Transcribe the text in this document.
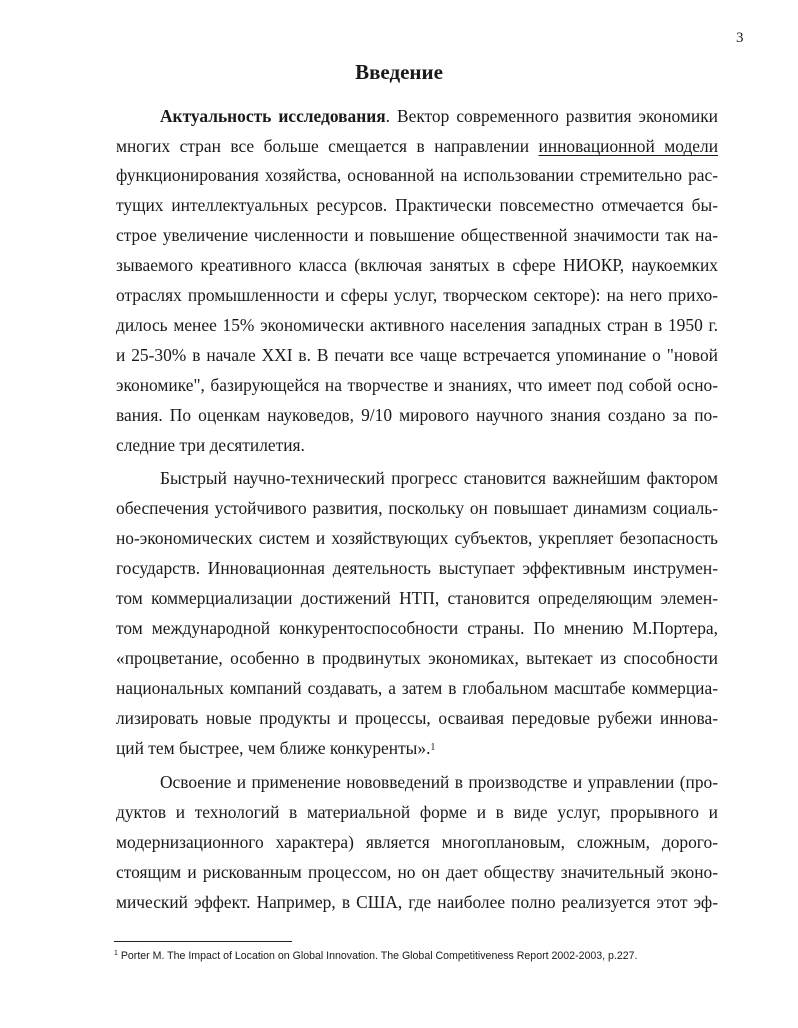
3
Введение
Актуальность исследования. Вектор современного развития экономики
многих стран все больше смещается в направлении инновационной модели
функционирования хозяйства, основанной на использовании стремительно рас-
тущих интеллектуальных ресурсов. Практически повсеместно отмечается бы-
строе увеличение численности и повышение общественной значимости так на-
зываемого креативного класса (включая занятых в сфере НИОКР, наукоемких
отраслях промышленности и сферы услуг, творческом секторе): на него прихо-
дилось менее 15% экономически активного населения западных стран в 1950 г.
и 25-30% в начале XXI в. В печати все чаще встречается упоминание о "новой
экономике", базирующейся на творчестве и знаниях, что имеет под собой осно-
вания. По оценкам науковедов, 9/10 мирового научного знания создано за по-
следние три десятилетия.
Быстрый научно-технический прогресс становится важнейшим фактором
обеспечения устойчивого развития, поскольку он повышает динамизм социаль-
но-экономических систем и хозяйствующих субъектов, укрепляет безопасность
государств. Инновационная деятельность выступает эффективным инструмен-
том коммерциализации достижений НТП, становится определяющим элемен-
том международной конкурентоспособности страны. По мнению М.Портера,
«процветание, особенно в продвинутых экономиках, вытекает из способности
национальных компаний создавать, а затем в глобальном масштабе коммерциа-
лизировать новые продукты и процессы, осваивая передовые рубежи иннова-
ций тем быстрее, чем ближе конкуренты». 1
Освоение и применение нововведений в производстве и управлении (про-
дуктов и технологий в материальной форме и в виде услуг, прорывного и
модернизационного характера) является многоплановым, сложным, дорого-
стоящим и рискованным процессом, но он дает обществу значительный эконо-
мический эффект. Например, в США, где наиболее полно реализуется этот эф-
$^1$ Porter M. The Impact of Location on Global Innovation. The Global Competitiveness Report 2002-2003, p.227.
